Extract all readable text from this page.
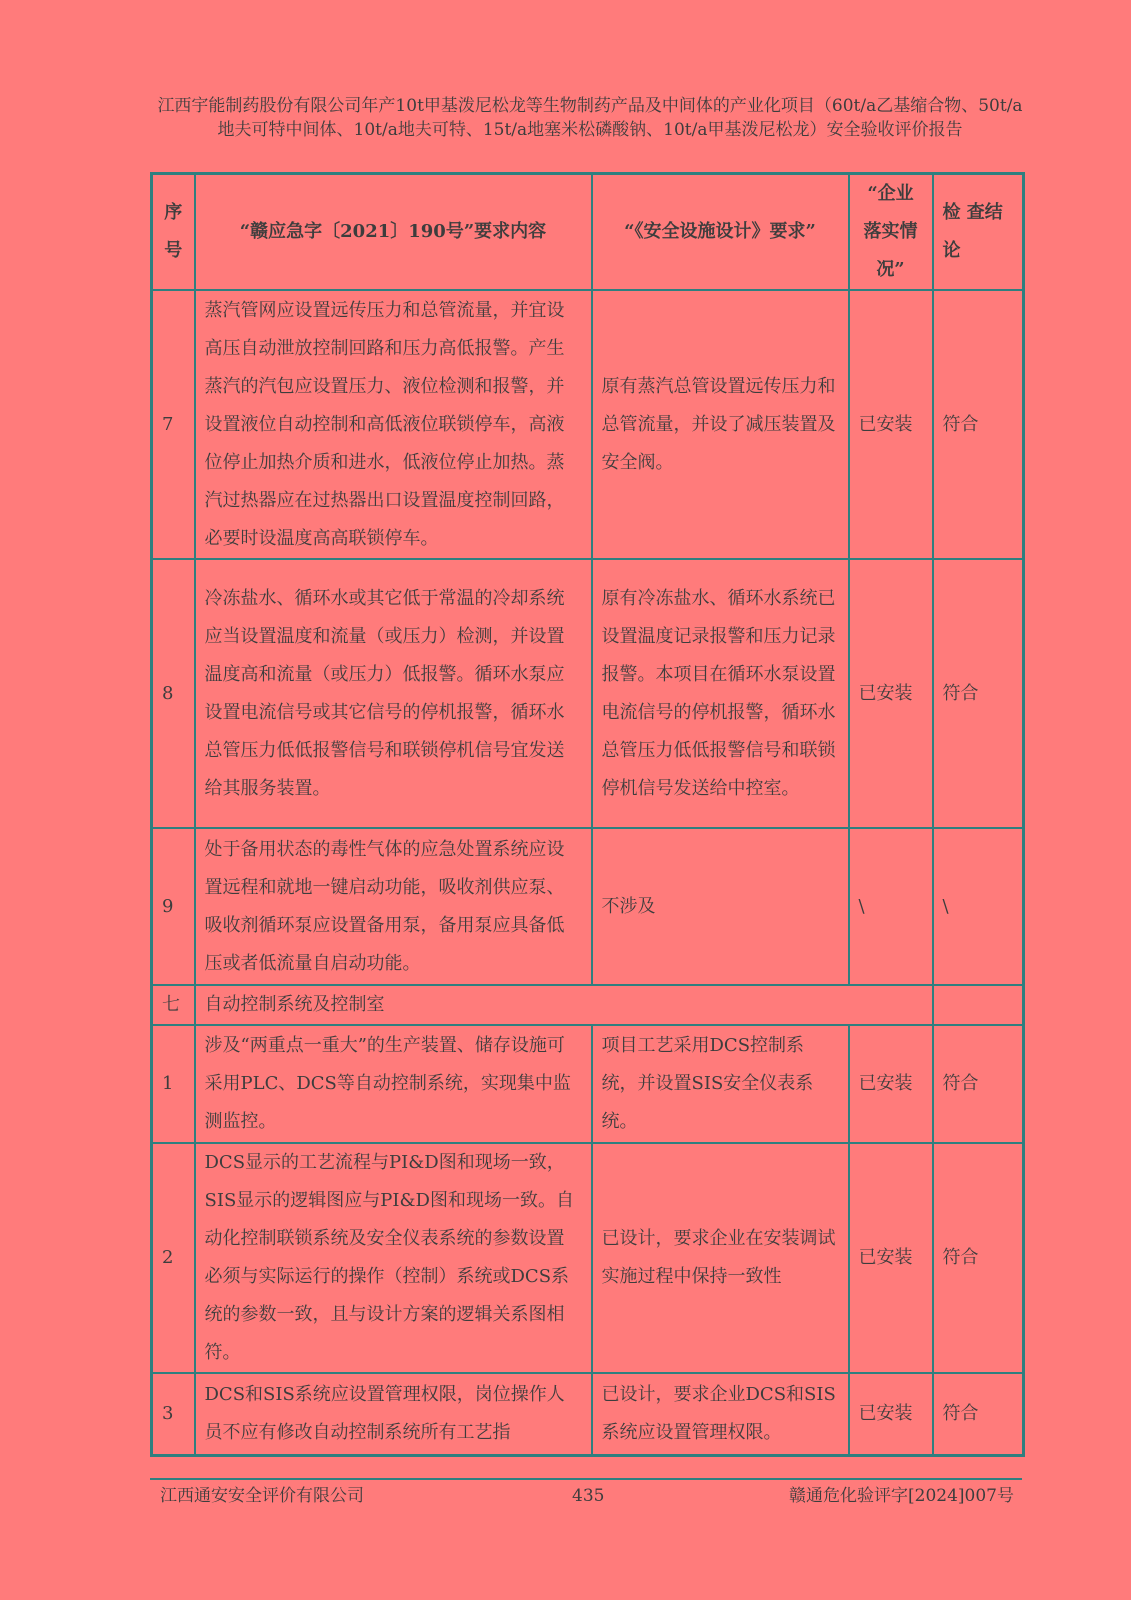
江西宇能制药股份有限公司年产10t甲基泼尼松龙等生物制药产品及中间体的产业化项目（60t/a乙基缩合物、50t/a地夫可特中间体、10t/a地夫可特、15t/a地塞米松磷酸钠、10t/a甲基泼尼松龙）安全验收评价报告
序号	“赣应急字〔2021〕190号”要求内容	“《安全设施设计》要求”	“企业落实情况”	检 查结论
7	蒸汽管网应设置远传压力和总管流量，并宜设高压自动泄放控制回路和压力高低报警。产生蒸汽的汽包应设置压力、液位检测和报警，并设置液位自动控制和高低液位联锁停车，高液位停止加热介质和进水，低液位停止加热。蒸汽过热器应在过热器出口设置温度控制回路，必要时设温度高高联锁停车。	原有蒸汽总管设置远传压力和总管流量，并设了减压装置及安全阀。	已安装	符合
8	冷冻盐水、循环水或其它低于常温的冷却系统应当设置温度和流量（或压力）检测，并设置温度高和流量（或压力）低报警。循环水泵应设置电流信号或其它信号的停机报警，循环水总管压力低低报警信号和联锁停机信号宜发送给其服务装置。	原有冷冻盐水、循环水系统已设置温度记录报警和压力记录报警。本项目在循环水泵设置电流信号的停机报警，循环水总管压力低低报警信号和联锁停机信号发送给中控室。	已安装	符合
9	处于备用状态的毒性气体的应急处置系统应设置远程和就地一键启动功能，吸收剂供应泵、吸收剂循环泵应设置备用泵，备用泵应具备低压或者低流量自启动功能。	不涉及	\	\
七	自动控制系统及控制室			
1	涉及“两重点一重大”的生产装置、储存设施可采用PLC、DCS等自动控制系统，实现集中监测监控。	项目工艺采用DCS控制系统，并设置SIS安全仪表系统。	已安装	符合
2	DCS显示的工艺流程与PI&D图和现场一致，SIS显示的逻辑图应与PI&D图和现场一致。自动化控制联锁系统及安全仪表系统的参数设置必须与实际运行的操作（控制）系统或DCS系统的参数一致，且与设计方案的逻辑关系图相符。	已设计，要求企业在安装调试实施过程中保持一致性	已安装	符合
3	DCS和SIS系统应设置管理权限，岗位操作人员不应有修改自动控制系统所有工艺指	已设计，要求企业DCS和SIS系统应设置管理权限。	已安装	符合
江西通安安全评价有限公司	435	赣通危化验评字[2024]007号
